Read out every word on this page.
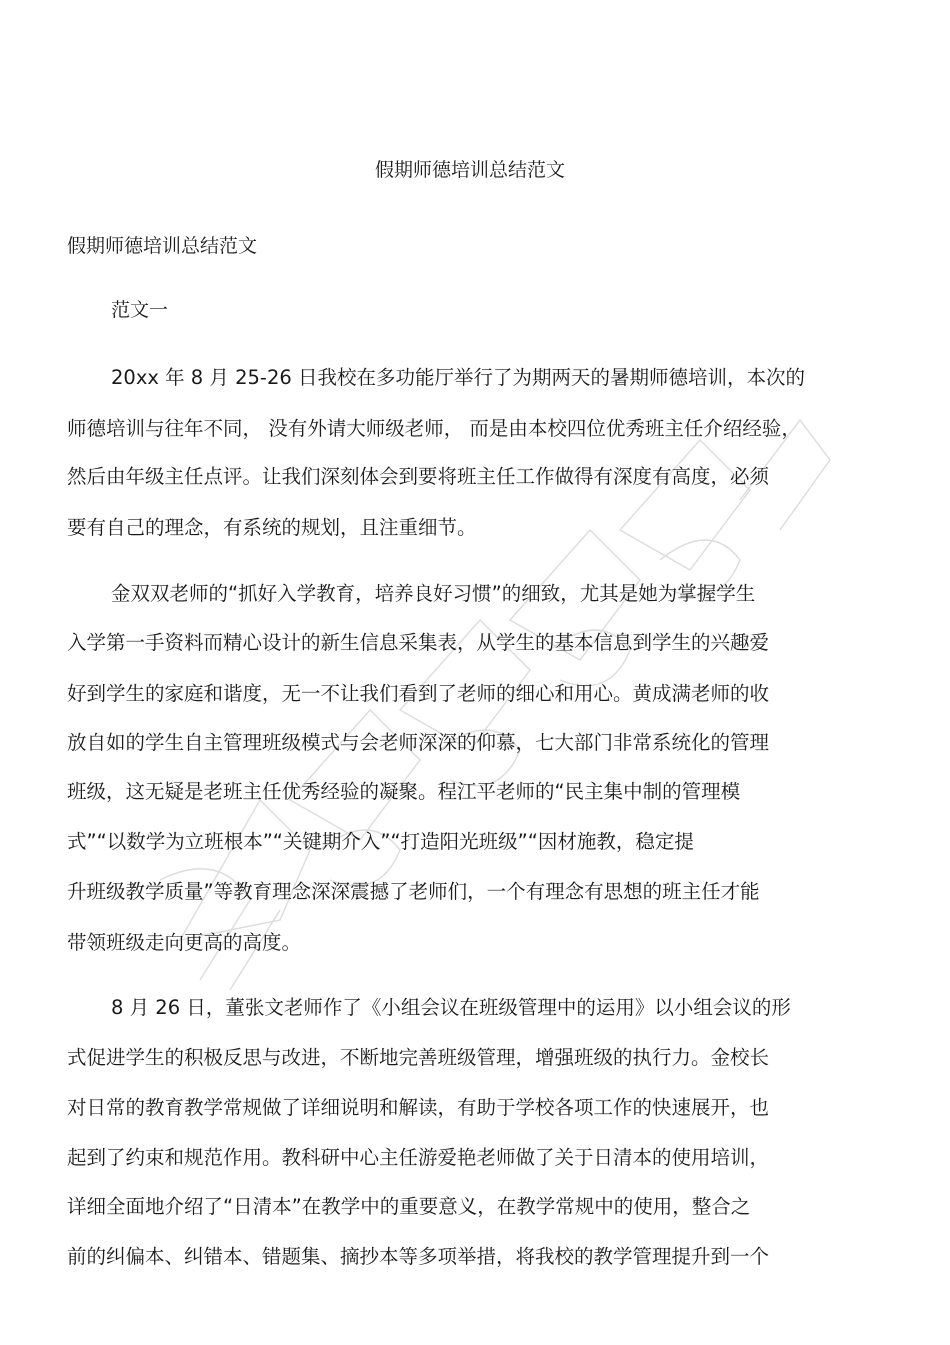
假期师德培训总结范文
假期师德培训总结范文
范文一

20xx 年 8 月 25-26 日我校在多功能厅举行了为期两天的暑期师德培训，本次的

师德培训与往年不同， 没有外请大师级老师， 而是由本校四位优秀班主任介绍经验，

然后由年级主任点评。让我们深刻体会到要将班主任工作做得有深度有高度，必须

要有自己的理念，有系统的规划，且注重细节。

金双双老师的“抓好入学教育，培养良好习惯”的细致，尤其是她为掌握学生

入学第一手资料而精心设计的新生信息采集表，从学生的基本信息到学生的兴趣爱

好到学生的家庭和谐度，无一不让我们看到了老师的细心和用心。黄成满老师的收

放自如的学生自主管理班级模式与会老师深深的仰慕，七大部门非常系统化的管理

班级，这无疑是老班主任优秀经验的凝聚。程江平老师的“民主集中制的管理模

式”“以数学为立班根本”“关键期介入”“打造阳光班级”“因材施教，稳定提

升班级教学质量”等教育理念深深震撼了老师们，一个有理念有思想的班主任才能

带领班级走向更高的高度。

8 月 26 日，董张文老师作了《小组会议在班级管理中的运用》以小组会议的形

式促进学生的积极反思与改进，不断地完善班级管理，增强班级的执行力。金校长

对日常的教育教学常规做了详细说明和解读，有助于学校各项工作的快速展开，也

起到了约束和规范作用。教科研中心主任游爱艳老师做了关于日清本的使用培训，

详细全面地介绍了“日清本”在教学中的重要意义，在教学常规中的使用，整合之

前的纠偏本、纠错本、错题集、摘抄本等多项举措，将我校的教学管理提升到一个
